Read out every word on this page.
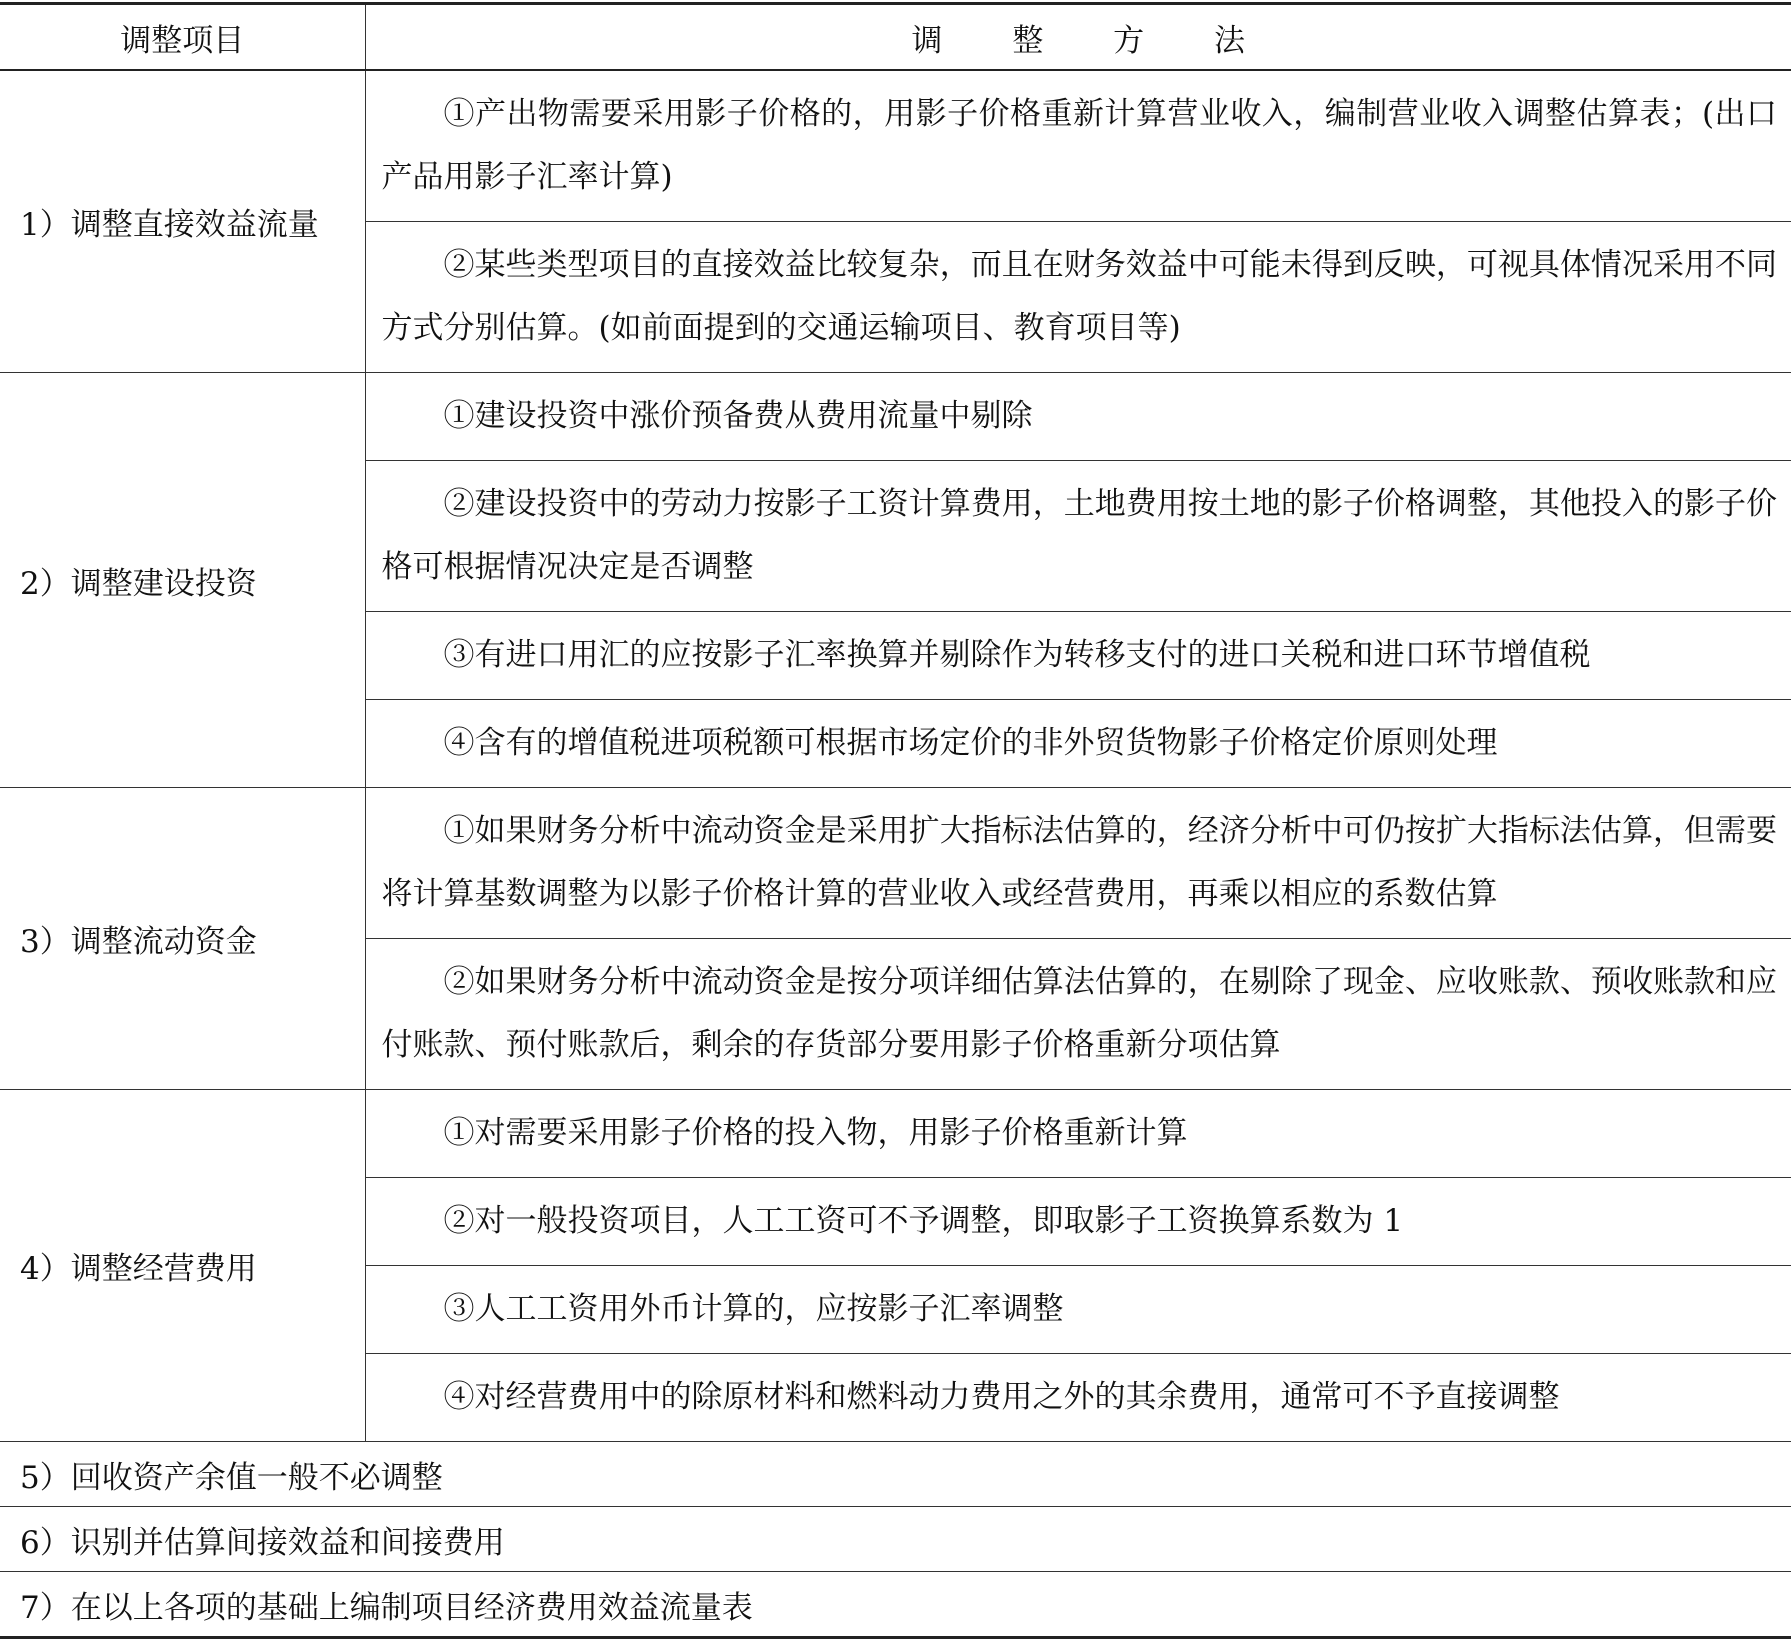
调整项目	调 整 方 法
1）调整直接效益流量	①产出物需要采用影子价格的，用影子价格重新计算营业收入，编制营业收入调整估算表；(出口产品用影子汇率计算)

	②某些类型项目的直接效益比较复杂，而且在财务效益中可能未得到反映，可视具体情况采用不同方式分别估算。(如前面提到的交通运输项目、教育项目等)

2）调整建设投资	①建设投资中涨价预备费从费用流量中剔除

	②建设投资中的劳动力按影子工资计算费用，土地费用按土地的影子价格调整，其他投入的影子价格可根据情况决定是否调整

	③有进口用汇的应按影子汇率换算并剔除作为转移支付的进口关税和进口环节增值税

	④含有的增值税进项税额可根据市场定价的非外贸货物影子价格定价原则处理

3）调整流动资金	①如果财务分析中流动资金是采用扩大指标法估算的，经济分析中可仍按扩大指标法估算，但需要将计算基数调整为以影子价格计算的营业收入或经营费用，再乘以相应的系数估算

	②如果财务分析中流动资金是按分项详细估算法估算的，在剔除了现金、应收账款、预收账款和应付账款、预付账款后，剩余的存货部分要用影子价格重新分项估算

4）调整经营费用	①对需要采用影子价格的投入物，用影子价格重新计算

	②对一般投资项目，人工工资可不予调整，即取影子工资换算系数为 1

	③人工工资用外币计算的，应按影子汇率调整

	④对经营费用中的除原材料和燃料动力费用之外的其余费用，通常可不予直接调整

5）回收资产余值一般不必调整	
6）识别并估算间接效益和间接费用	
7）在以上各项的基础上编制项目经济费用效益流量表	
